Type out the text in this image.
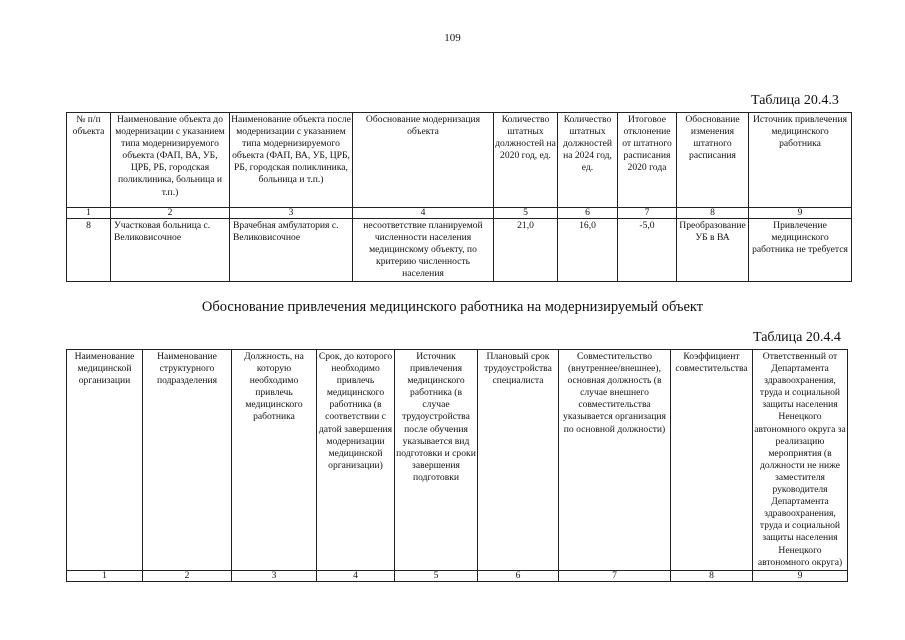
109
Таблица 20.4.3
№ п/п объекта	Наименование объекта до модернизации с указанием типа модернизируемого объекта (ФАП, ВА, УБ, ЦРБ, РБ, городская поликлиника, больница и т.п.)	Наименование объекта после модернизации с указанием типа модернизируемого объекта (ФАП, ВА, УБ, ЦРБ, РБ, городская поликлиника, больница и т.п.)	Обоснование модернизация объекта	Количество штатных должностей на 2020 год, ед.	Количество штатных должностей на 2024 год, ед.	Итоговое отклонение от штатного расписания 2020 года	Обоснование изменения штатного расписания	Источник привлечения медицинского работника
1	2	3	4	5	6	7	8	9
8	Участковая больница с. Великовисочное	Врачебная амбулатория с. Великовисочное	несоответствие планируемой численности населения медицинскому объекту, по критерию численность населения	21,0	16,0	-5,0	Преобразование УБ в ВА	Привлечение медицинского работника не требуется
Обоснование привлечения медицинского работника на модернизируемый объект
Таблица 20.4.4
Наименование медицинской организации	Наименование структурного подразделения	Должность, на которую необходимо привлечь медицинского работника	Срок, до которого необходимо привлечь медицинского работника (в соответствии с датой завершения модернизации медицинской организации)	Источник привлечения медицинского работника (в случае трудоустройства после обучения указывается вид подготовки и сроки завершения подготовки	Плановый срок трудоустройства специалиста	Совместительство (внутреннее/внешнее), основная должность (в случае внешнего совместительства указывается организация по основной должности)	Коэффициент совместительства	Ответственный от Департамента здравоохранения, труда и социальной защиты населения Ненецкого автономного округа за реализацию мероприятия (в должности не ниже заместителя руководителя Департамента здравоохранения, труда и социальной защиты населения Ненецкого автономного округа)
1	2	3	4	5	6	7	8	9
